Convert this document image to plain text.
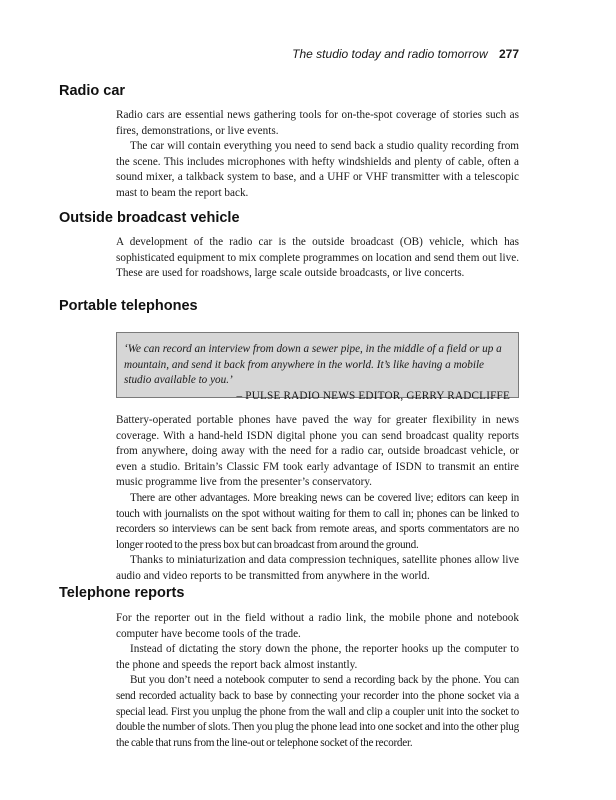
The studio today and radio tomorrow 277
Radio car

Radio cars are essential news gathering tools for on-the-spot coverage of stories such as fires, demonstrations, or live events.

The car will contain everything you need to send back a studio quality recording from the scene. This includes microphones with hefty windshields and plenty of cable, often a sound mixer, a talkback system to base, and a UHF or VHF transmitter with a telescopic mast to beam the report back.

Outside broadcast vehicle

A development of the radio car is the outside broadcast (OB) vehicle, which has sophisticated equipment to mix complete programmes on location and send them out live. These are used for roadshows, large scale outside broadcasts, or live concerts.

Portable telephones

‘We can record an interview from down a sewer pipe, in the middle of a field or up a mountain, and send it back from anywhere in the world. It’s like having a mobile studio available to you.’

– PULSE RADIO NEWS EDITOR, GERRY RADCLIFFE

Battery-operated portable phones have paved the way for greater flexibility in news coverage. With a hand-held ISDN digital phone you can send broadcast quality reports from anywhere, doing away with the need for a radio car, outside broadcast vehicle, or even a studio. Britain’s Classic FM took early advantage of ISDN to transmit an entire music programme live from the presenter’s conservatory.

There are other advantages. More breaking news can be covered live; editors can keep in touch with journalists on the spot without waiting for them to call in; phones can be linked to recorders so interviews can be sent back from remote areas, and sports commentators are no longer rooted to the press box but can broadcast from around the ground.

Thanks to miniaturization and data compression techniques, satellite phones allow live audio and video reports to be transmitted from anywhere in the world.

Telephone reports

For the reporter out in the field without a radio link, the mobile phone and notebook computer have become tools of the trade.

Instead of dictating the story down the phone, the reporter hooks up the computer to the phone and speeds the report back almost instantly.

But you don’t need a notebook computer to send a recording back by the phone. You can send recorded actuality back to base by connecting your recorder into the phone socket via a special lead. First you unplug the phone from the wall and clip a coupler unit into the socket to double the number of slots. Then you plug the phone lead into one socket and into the other plug the cable that runs from the line-out or telephone socket of the recorder.
